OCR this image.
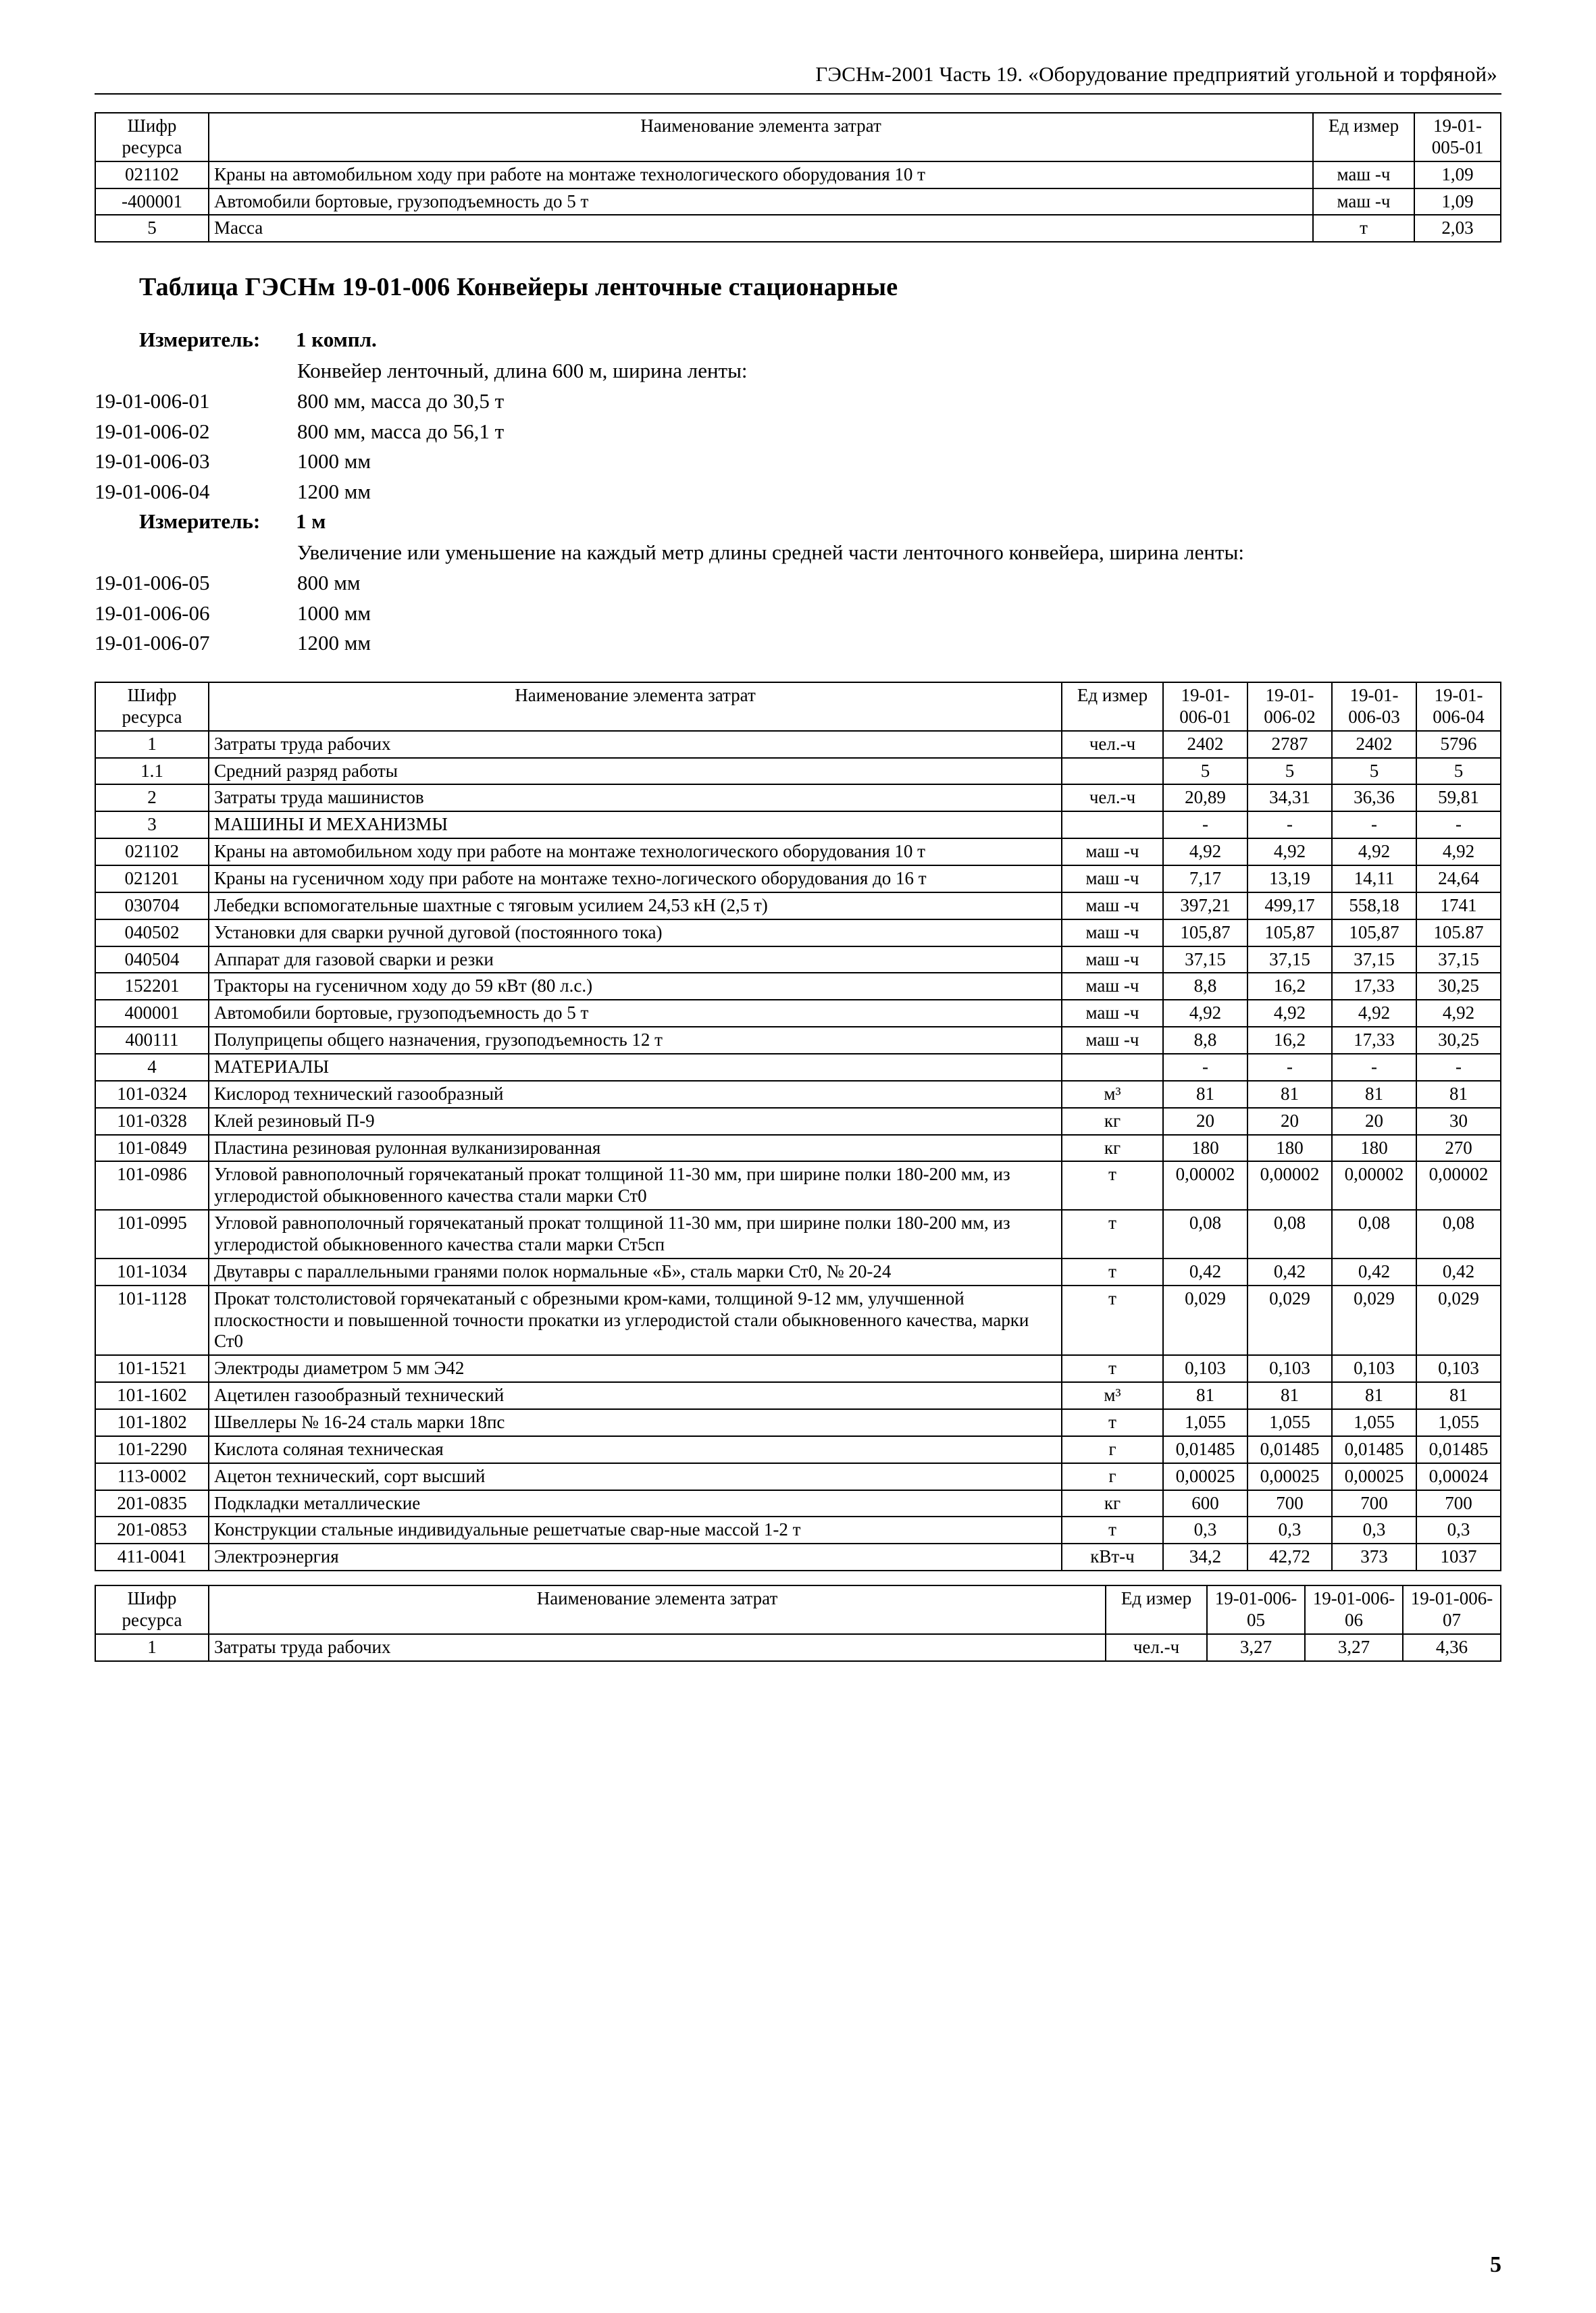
ГЭСНм-2001 Часть 19. «Оборудование предприятий угольной и торфяной»
Шифр ресурса	Наименование элемента затрат	Ед измер	19-01-005-01
021102	Краны на автомобильном ходу при работе на монтаже технологического оборудования 10 т	маш -ч	1,09
-400001	Автомобили бортовые, грузоподъемность до 5 т	маш -ч	1,09
5	Масса	т	2,03
Таблица ГЭСНм 19-01-006 Конвейеры ленточные стационарные
Измеритель:	1 компл.
Конвейер ленточный, длина 600 м, ширина ленты:
19-01-006-01	800 мм, масса до 30,5 т
19-01-006-02	800 мм, масса до 56,1 т
19-01-006-03	1000 мм
19-01-006-04	1200 мм
Измеритель:	1 м
Увеличение или уменьшение на каждый метр длины средней части ленточного конвейера, ширина ленты:
19-01-006-05	800 мм
19-01-006-06	1000 мм
19-01-006-07	1200 мм
Шифр ресурса	Наименование элемента затрат	Ед измер	19-01-006-01	19-01-006-02	19-01-006-03	19-01-006-04
1	Затраты труда рабочих	чел.-ч	2402	2787	2402	5796
1.1	Средний разряд работы		5	5	5	5
2	Затраты труда машинистов	чел.-ч	20,89	34,31	36,36	59,81
3	МАШИНЫ И МЕХАНИЗМЫ		-	-	-	-
021102	Краны на автомобильном ходу при работе на монтаже технологического оборудования 10 т	маш -ч	4,92	4,92	4,92	4,92
021201	Краны на гусеничном ходу при работе на монтаже техно-логического оборудования до 16 т	маш -ч	7,17	13,19	14,11	24,64
030704	Лебедки вспомогательные шахтные с тяговым усилием 24,53 кН (2,5 т)	маш -ч	397,21	499,17	558,18	1741
040502	Установки для сварки ручной дуговой (постоянного тока)	маш -ч	105,87	105,87	105,87	105.87
040504	Аппарат для газовой сварки и резки	маш -ч	37,15	37,15	37,15	37,15
152201	Тракторы на гусеничном ходу до 59 кВт (80 л.с.)	маш -ч	8,8	16,2	17,33	30,25
400001	Автомобили бортовые, грузоподъемность до 5 т	маш -ч	4,92	4,92	4,92	4,92
400111	Полуприцепы общего назначения, грузоподъемность 12 т	маш -ч	8,8	16,2	17,33	30,25
4	МАТЕРИАЛЫ		-	-	-	-
101-0324	Кислород технический газообразный	м³	81	81	81	81
101-0328	Клей резиновый П-9	кг	20	20	20	30
101-0849	Пластина резиновая рулонная вулканизированная	кг	180	180	180	270
101-0986	Угловой равнополочный горячекатаный прокат толщиной 11-30 мм, при ширине полки 180-200 мм, из углеродистой обыкновенного качества стали марки Ст0	т	0,00002	0,00002	0,00002	0,00002
101-0995	Угловой равнополочный горячекатаный прокат толщиной 11-30 мм, при ширине полки 180-200 мм, из углеродистой обыкновенного качества стали марки Ст5сп	т	0,08	0,08	0,08	0,08
101-1034	Двутавры с параллельными гранями полок нормальные «Б», сталь марки Ст0, № 20-24	т	0,42	0,42	0,42	0,42
101-1128	Прокат толстолистовой горячекатаный с обрезными кром-ками, толщиной 9-12 мм, улучшенной плоскостности и повышенной точности прокатки из углеродистой стали обыкновенного качества, марки Ст0	т	0,029	0,029	0,029	0,029
101-1521	Электроды диаметром 5 мм Э42	т	0,103	0,103	0,103	0,103
101-1602	Ацетилен газообразный технический	м³	81	81	81	81
101-1802	Швеллеры № 16-24 сталь марки 18пс	т	1,055	1,055	1,055	1,055
101-2290	Кислота соляная техническая	г	0,01485	0,01485	0,01485	0,01485
113-0002	Ацетон технический, сорт высший	г	0,00025	0,00025	0,00025	0,00024
201-0835	Подкладки металлические	кг	600	700	700	700
201-0853	Конструкции стальные индивидуальные решетчатые свар-ные массой 1-2 т	т	0,3	0,3	0,3	0,3
411-0041	Электроэнергия	кВт-ч	34,2	42,72	373	1037
Шифр ресурса	Наименование элемента затрат	Ед измер	19-01-006-05	19-01-006-06	19-01-006-07
1	Затраты труда рабочих	чел.-ч	3,27	3,27	4,36
5
